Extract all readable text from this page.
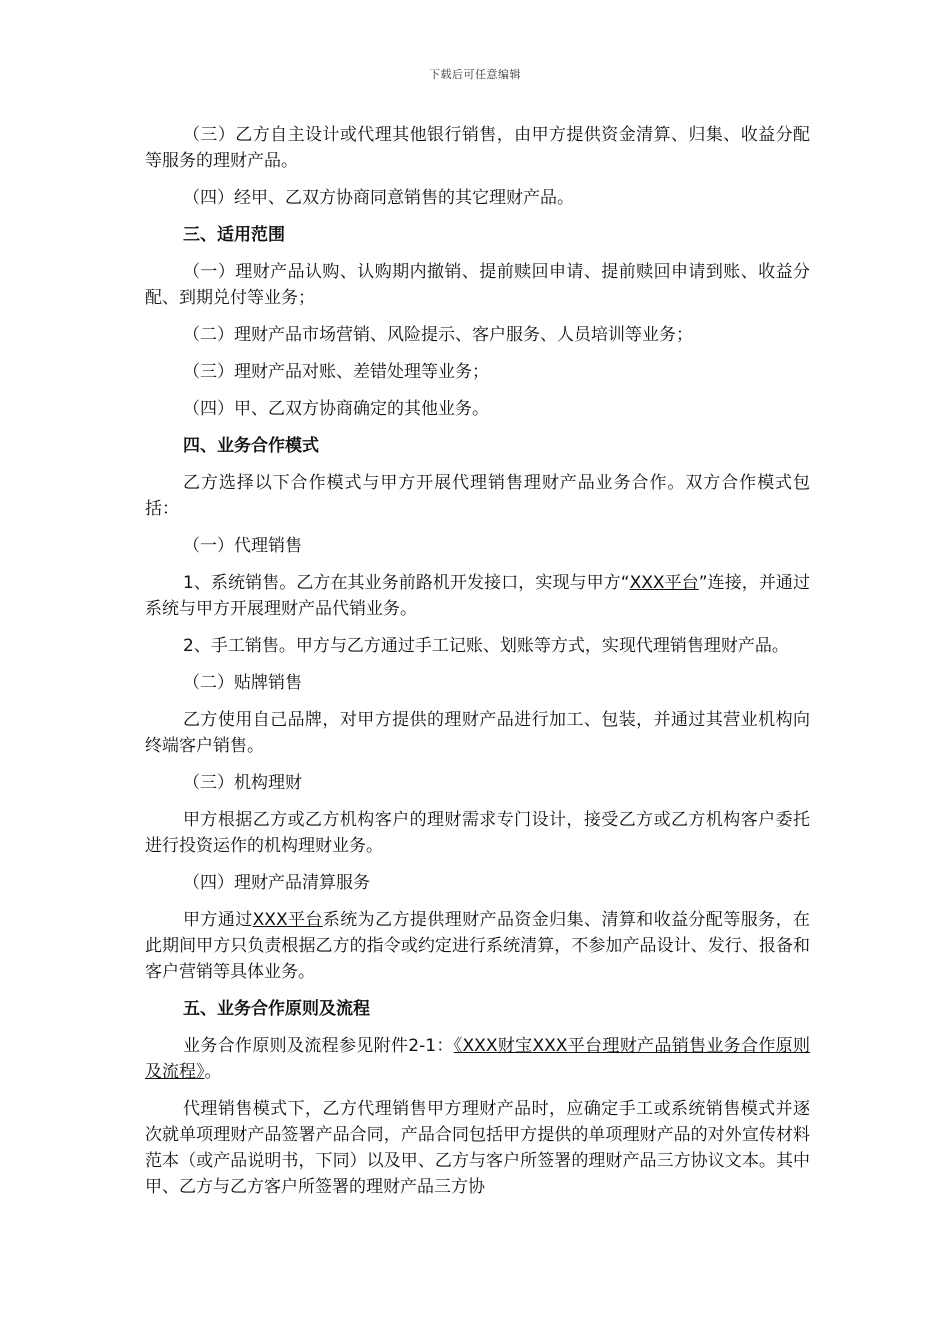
下载后可任意编辑

（三）乙方自主设计或代理其他银行销售，由甲方提供资金清算、归集、收益分配等服务的理财产品。

（四）经甲、乙双方协商同意销售的其它理财产品。

三、适用范围

（一）理财产品认购、认购期内撤销、提前赎回申请、提前赎回申请到账、收益分配、到期兑付等业务；

（二）理财产品市场营销、风险提示、客户服务、人员培训等业务；

（三）理财产品对账、差错处理等业务；

（四）甲、乙双方协商确定的其他业务。

四、业务合作模式

乙方选择以下合作模式与甲方开展代理销售理财产品业务合作。双方合作模式包括：

（一）代理销售

1、系统销售。乙方在其业务前路机开发接口，实现与甲方“XXX平台”连接，并通过系统与甲方开展理财产品代销业务。

2、手工销售。甲方与乙方通过手工记账、划账等方式，实现代理销售理财产品。

（二）贴牌销售

乙方使用自己品牌，对甲方提供的理财产品进行加工、包装，并通过其营业机构向终端客户销售。

（三）机构理财

甲方根据乙方或乙方机构客户的理财需求专门设计，接受乙方或乙方机构客户委托进行投资运作的机构理财业务。

（四）理财产品清算服务

甲方通过XXX平台系统为乙方提供理财产品资金归集、清算和收益分配等服务，在此期间甲方只负责根据乙方的指令或约定进行系统清算，不参加产品设计、发行、报备和客户营销等具体业务。

五、业务合作原则及流程

业务合作原则及流程参见附件2-1：《XXX财宝XXX平台理财产品销售业务合作原则及流程》。

代理销售模式下，乙方代理销售甲方理财产品时，应确定手工或系统销售模式并逐次就单项理财产品签署产品合同，产品合同包括甲方提供的单项理财产品的对外宣传材料范本（或产品说明书，下同）以及甲、乙方与客户所签署的理财产品三方协议文本。其中甲、乙方与乙方客户所签署的理财产品三方协
